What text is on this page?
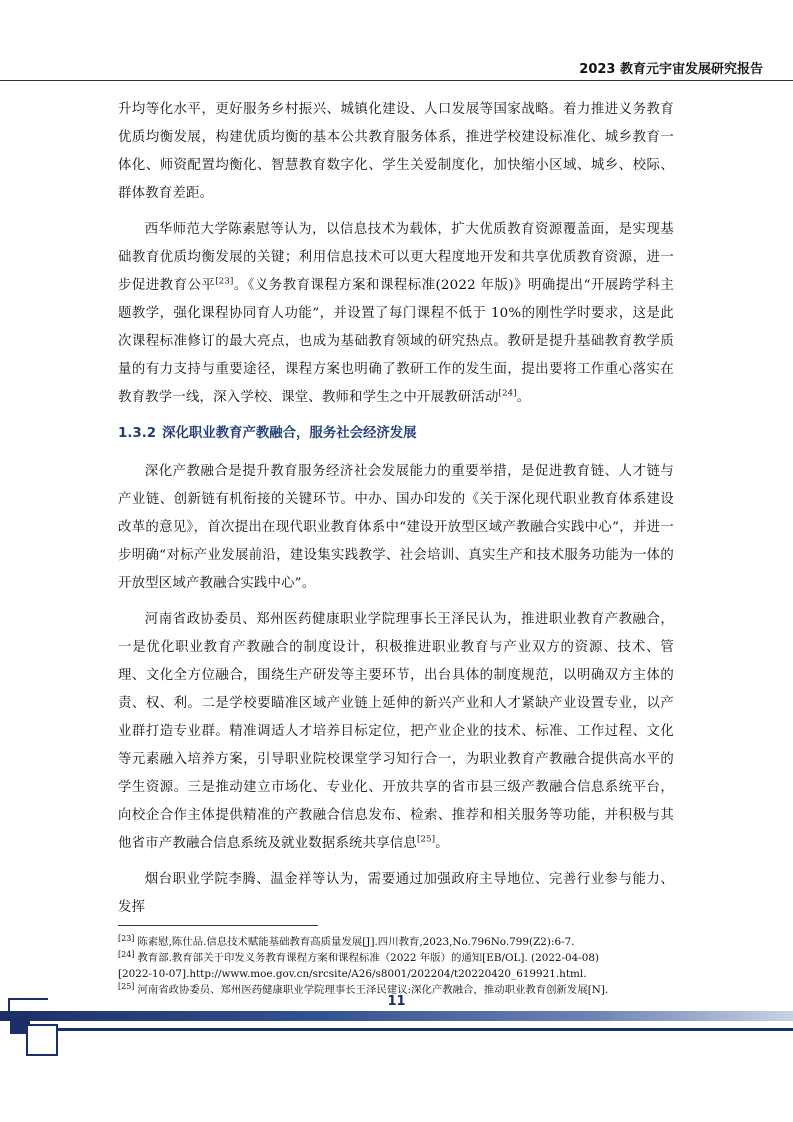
2023 教育元宇宙发展研究报告

升均等化水平，更好服务乡村振兴、城镇化建设、人口发展等国家战略。着力推进义务教育优质均衡发展，构建优质均衡的基本公共教育服务体系，推进学校建设标准化、城乡教育一体化、师资配置均衡化、智慧教育数字化、学生关爱制度化，加快缩小区域、城乡、校际、群体教育差距。

西华师范大学陈素慰等认为，以信息技术为载体，扩大优质教育资源覆盖面，是实现基础教育优质均衡发展的关键；利用信息技术可以更大程度地开发和共享优质教育资源，进一步促进教育公平[23]。《义务教育课程方案和课程标准(2022 年版)》明确提出“开展跨学科主题教学，强化课程协同育人功能”，并设置了每门课程不低于 10%的刚性学时要求，这是此次课程标准修订的最大亮点，也成为基础教育领域的研究热点。教研是提升基础教育教学质量的有力支持与重要途径，课程方案也明确了教研工作的发生面，提出要将工作重心落实在教育教学一线，深入学校、课堂、教师和学生之中开展教研活动[24]。

1.3.2 深化职业教育产教融合，服务社会经济发展

深化产教融合是提升教育服务经济社会发展能力的重要举措，是促进教育链、人才链与产业链、创新链有机衔接的关键环节。中办、国办印发的《关于深化现代职业教育体系建设改革的意见》，首次提出在现代职业教育体系中“建设开放型区域产教融合实践中心”，并进一步明确“对标产业发展前沿，建设集实践教学、社会培训、真实生产和技术服务功能为一体的开放型区域产教融合实践中心”。

河南省政协委员、郑州医药健康职业学院理事长王泽民认为，推进职业教育产教融合，一是优化职业教育产教融合的制度设计，积极推进职业教育与产业双方的资源、技术、管理、文化全方位融合，围绕生产研发等主要环节，出台具体的制度规范，以明确双方主体的责、权、利。二是学校要瞄准区域产业链上延伸的新兴产业和人才紧缺产业设置专业，以产业群打造专业群。精准调适人才培养目标定位，把产业企业的技术、标准、工作过程、文化等元素融入培养方案，引导职业院校课堂学习知行合一，为职业教育产教融合提供高水平的学生资源。三是推动建立市场化、专业化、开放共享的省市县三级产教融合信息系统平台，向校企合作主体提供精准的产教融合信息发布、检索、推荐和相关服务等功能，并积极与其他省市产教融合信息系统及就业数据系统共享信息[25]。

烟台职业学院李腾、温金祥等认为，需要通过加强政府主导地位、完善行业参与能力、发挥

[23] 陈素慰,陈仕品.信息技术赋能基础教育高质量发展[J].四川教育,2023,No.796No.799(Z2):6-7.

[24] 教育部.教育部关于印发义务教育课程方案和课程标准（2022 年版）的通知[EB/OL]. (2022-04-08)

[2022-10-07].http://www.moe.gov.cn/srcsite/A26/s8001/202204/t20220420_619921.html.

[25] 河南省政协委员、郑州医药健康职业学院理事长王泽民建议:深化产教融合，推动职业教育创新发展[N].

11
